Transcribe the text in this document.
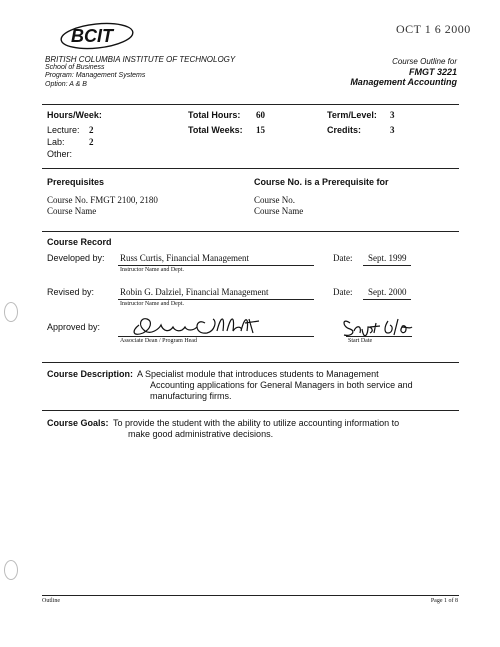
OCT 1 6 2000
BCIT
BRITISH COLUMBIA INSTITUTE OF TECHNOLOGY
School of Business
Program: Management Systems
Option: A & B
Course Outline for
FMGT 3221
Management Accounting
Hours/Week:
Lecture: 2
Lab:	2
Other:
Total Hours: 60
Total Weeks: 15
Term/Level: 3
Credits:	3
Prerequisites
Course No. FMGT 2100, 2180
Course Name
Course No. is a Prerequisite for
Course No.
Course Name
Course Record
Developed by: Russ Curtis, Financial Management
Instructor Name and Dept.
Date: Sept. 1999
Revised by:	Robin G. Dalziel, Financial Management
Instructor Name and Dept.
Date: Sept. 2000
Approved by:
Associate Dean / Program Head	Start Date
Course Description: A Specialist module that introduces students to Management
Accounting applications for General Managers in both service and
manufacturing firms.
Course Goals: To provide the student with the ability to utilize accounting information to
make good administrative decisions.
Outline	Page 1 of 8
